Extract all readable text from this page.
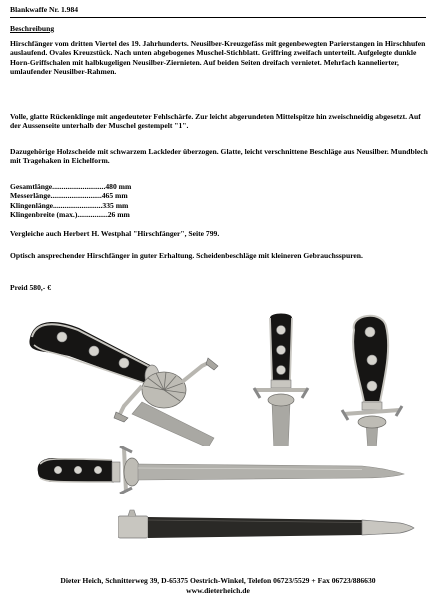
Blankwaffe Nr. 1.984
Beschreibung
Hirschfänger vom dritten Viertel des 19. Jahrhunderts. Neusilber-Kreuzgefäss mit gegenbewegten Parierstangen in Hirschhufen auslaufend. Ovales Kreuzstück. Nach unten abgebogenes Muschel-Stichblatt. Griffring zweifach unterteilt. Aufgelegte dunkle Horn-Griffschalen mit halbkugeligen Neusilber-Ziernieten. Auf beiden Seiten dreifach vernietet. Mehrfach kannelierter, umlaufender Neusilber-Rahmen.
Volle, glatte Rückenklinge mit angedeuteter Fehlschärfe. Zur leicht abgerundeten Mittelspitze hin zweischneidig abgesetzt. Auf der Aussenseite unterhalb der Muschel gestempelt "1".
Dazugehörige Holzscheide mit schwarzem Lackleder überzogen. Glatte, leicht verschnittene Beschläge aus Neusilber. Mundblech mit Tragehaken in Eichelform.
Gesamtlänge............................480 mm
Messerlänge...........................465 mm
Klingenlänge..........................335 mm
Klingenbreite (max.)................26 mm
Vergleiche auch Herbert H. Westphal "Hirschfänger", Seite 799.
Optisch ansprechender Hirschfänger in guter Erhaltung. Scheidenbeschläge mit kleineren Gebrauchsspuren.
Preid 580,- €
Dieter Heich, Schnitterweg 39, D-65375 Oestrich-Winkel, Telefon 06723/5529 + Fax 06723/886630
www.dieterheich.de
